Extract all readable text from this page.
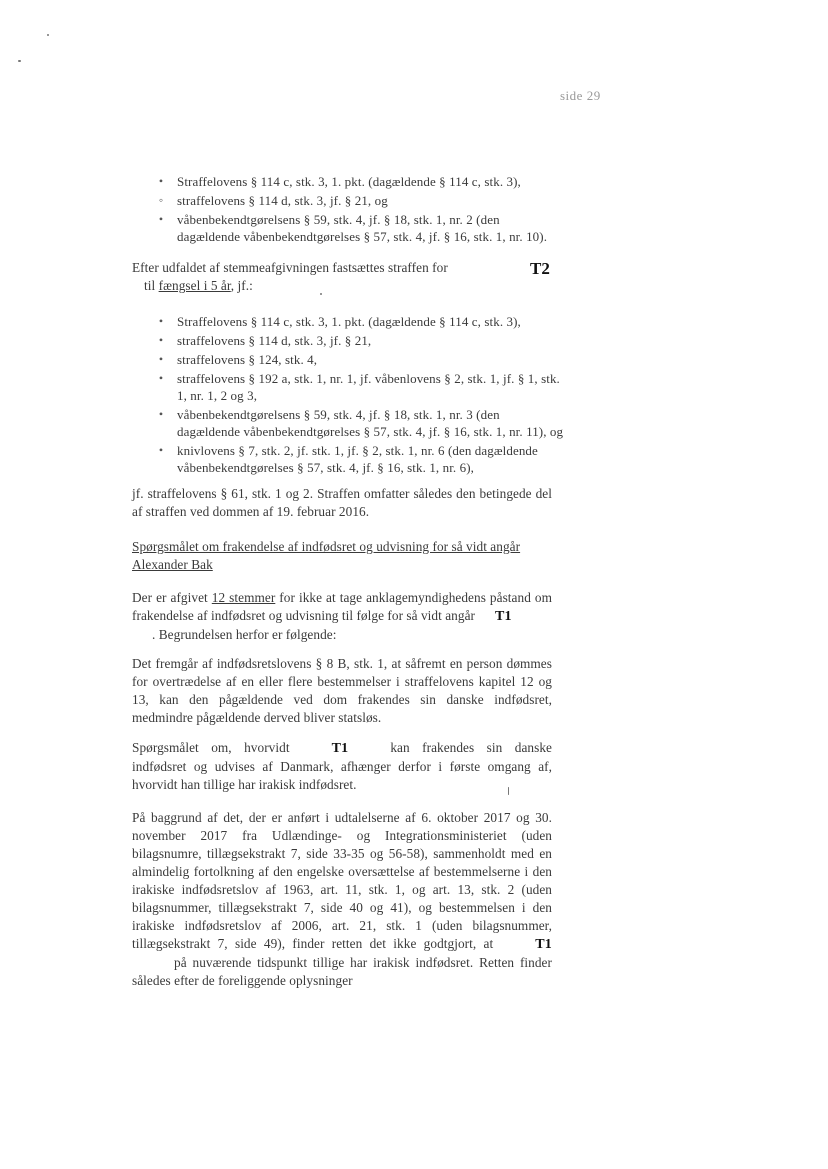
side 29
• Straffelovens § 114 c, stk. 3, 1. pkt. (dagældende § 114 c, stk. 3),
◦ straffelovens § 114 d, stk. 3, jf. § 21, og
• våbenbekendtgørelsens § 59, stk. 4, jf. § 18, stk. 1, nr. 2 (den dagældende våbenbekendtgørelses § 57, stk. 4, jf. § 16, stk. 1, nr. 10).

Efter udfaldet af stemmeafgivningen fastsættes straffen for
til fængsel i 5 år, jf.:

T2
• Straffelovens § 114 c, stk. 3, 1. pkt. (dagældende § 114 c, stk. 3),
• straffelovens § 114 d, stk. 3, jf. § 21,
• straffelovens § 124, stk. 4,
• straffelovens § 192 a, stk. 1, nr. 1, jf. våbenlovens § 2, stk. 1, jf. § 1, stk. 1, nr. 1, 2 og 3,
• våbenbekendtgørelsens § 59, stk. 4, jf. § 18, stk. 1, nr. 3 (den dagældende våbenbekendtgørelses § 57, stk. 4, jf. § 16, stk. 1, nr. 11), og
• knivlovens § 7, stk. 2, jf. stk. 1, jf. § 2, stk. 1, nr. 6 (den dagældende våbenbekendtgørelses § 57, stk. 4, jf. § 16, stk. 1, nr. 6),

jf. straffelovens § 61, stk. 1 og 2. Straffen omfatter således den betingede del af straffen ved dommen af 19. februar 2016.

Spørgsmålet om frakendelse af indfødsret og udvisning for så vidt angår Alexander Bak

Der er afgivet 12 stemmer for ikke at tage anklagemyndighedens påstand om frakendelse af indfødsret og udvisning til følge for så vidt angår T1
. Begrundelsen herfor er følgende:

Det fremgår af indfødsretslovens § 8 B, stk. 1, at såfremt en person dømmes for overtrædelse af en eller flere bestemmelser i straffelovens kapitel 12 og 13, kan den pågældende ved dom frakendes sin danske indfødsret, medmindre pågældende derved bliver statsløs.

Spørgsmålet om, hvorvidt	T1	kan frakendes sin danske indfødsret og udvises af Danmark, afhænger derfor i første omgang af, hvorvidt han tillige har irakisk indfødsret.

På baggrund af det, der er anført i udtalelserne af 6. oktober 2017 og 30. november 2017 fra Udlændinge- og Integrationsministeriet (uden bilagsnumre, tillægsekstrakt 7, side 33-35 og 56-58), sammenholdt med en almindelig fortolkning af den engelske oversættelse af bestemmelserne i den irakiske indfødsretslov af 1963, art. 11, stk. 1, og art. 13, stk. 2 (uden bilagsnummer, tillægsekstrakt 7, side 40 og 41), og bestemmelsen i den irakiske indfødsretslov af 2006, art. 21, stk. 1 (uden bilagsnummer, tillægsekstrakt 7, side 49), finder retten det ikke godtgjort, at	T1på nuværende tidspunkt tillige har irakisk indfødsret. Retten finder således efter de foreliggende oplysninger
